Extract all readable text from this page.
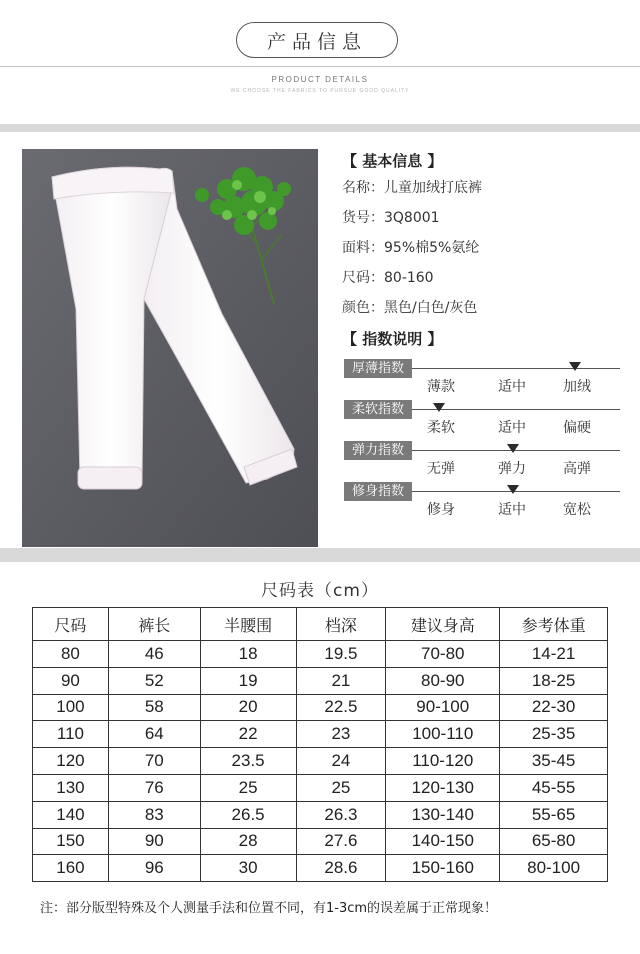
产品信息
PRODUCT DETAILS
WE CHOOSE THE FABRICS TO PURSUE GOOD QUALITY
【 基本信息 】
名称：儿童加绒打底裤
货号：3Q8001
面料：95%棉5%氨纶
尺码：80-160
颜色：黑色/白色/灰色
【 指数说明 】
厚薄指数
薄款	适中	加绒
柔软指数
柔软	适中	偏硬
弹力指数
无弹	弹力	高弹
修身指数
修身	适中	宽松
尺码表（cm）
尺码	裤长	半腰围	档深	建议身高	参考体重
80	46	18	19.5	70-80	14-21
90	52	19	21	80-90	18-25
100	58	20	22.5	90-100	22-30
110	64	22	23	100-110	25-35
120	70	23.5	24	110-120	35-45
130	76	25	25	120-130	45-55
140	83	26.5	26.3	130-140	55-65
150	90	28	27.6	140-150	65-80
160	96	30	28.6	150-160	80-100
注：部分版型特殊及个人测量手法和位置不同，有1-3cm的误差属于正常现象！
